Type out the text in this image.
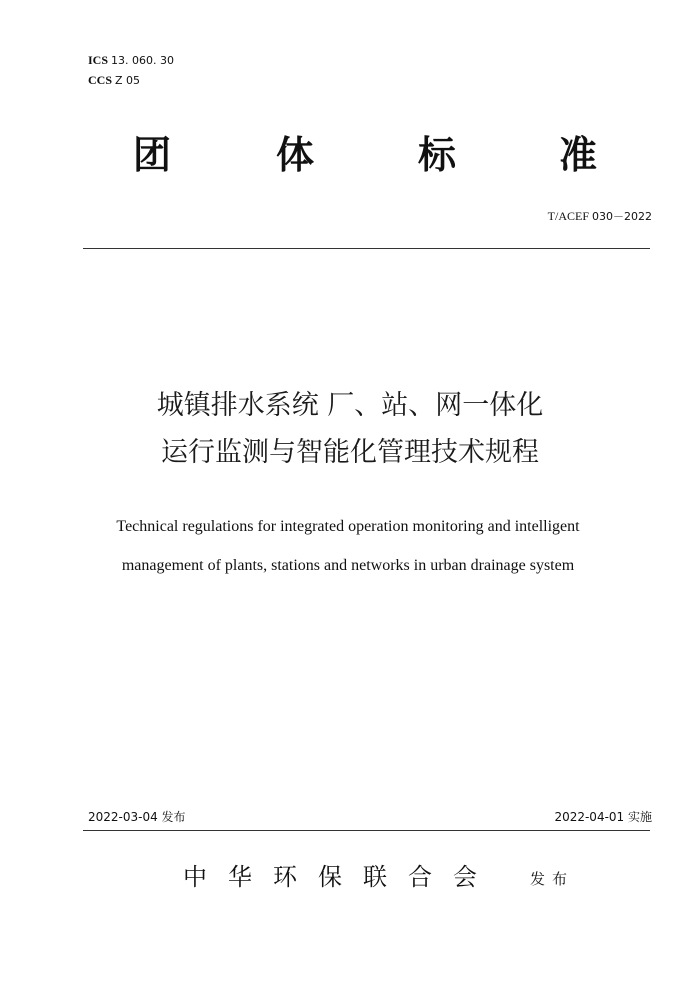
ICS 13. 060. 30
CCS Z 05
团	体	标	准
T/ACEF 030－2022
城镇排水系统 厂、站、网一体化
运行监测与智能化管理技术规程
Technical regulations for integrated operation monitoring and intelligent
management of plants, stations and networks in urban drainage system
2022-03-04 发布	2022-04-01 实施
中华环保联合会 发布
